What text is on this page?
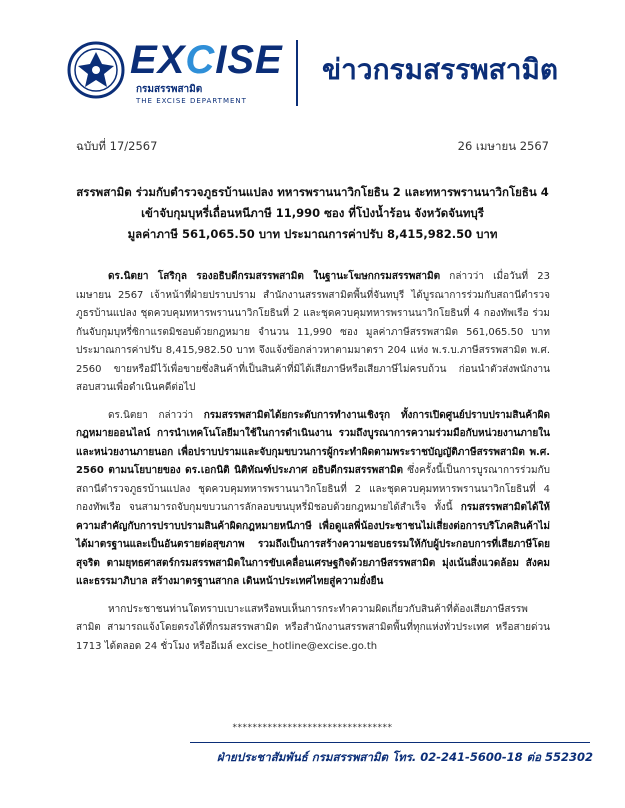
EXCISE
กรมสรรพสามิต
THE EXCISE DEPARTMENT
ข่าวกรมสรรพสามิต
ฉบับที่ 17/2567	26 เมษายน 2567
สรรพสามิต ร่วมกับตำรวจภูธรบ้านแปลง ทหารพรานนาวิกโยธิน 2 และทหารพรานนาวิกโยธิน 4
เข้าจับกุมบุหรี่เถื่อนหนีภาษี 11,990 ซอง ที่โป่งน้ำร้อน จังหวัดจันทบุรี
มูลค่าภาษี 561,065.50 บาท ประมาณการค่าปรับ 8,415,982.50 บาท

ดร.นิตยา โสริกุล รองอธิบดีกรมสรรพสามิต ในฐานะโฆษกกรมสรรพสามิต กล่าวว่า เมื่อวันที่ 23 เมษายน 2567 เจ้าหน้าที่ฝ่ายปราบปราม สำนักงานสรรพสามิตพื้นที่จันทบุรี ได้บูรณาการร่วมกับสถานีตำรวจภูธรบ้านแปลง ชุดควบคุมทหารพรานนาวิกโยธินที่ 2 และชุดควบคุมทหารพรานนาวิกโยธินที่ 4 กองทัพเรือ ร่วมกันจับกุมบุหรี่ซิกาแรตมิชอบด้วยกฎหมาย จำนวน 11,990 ซอง มูลค่าภาษีสรรพสามิต 561,065.50 บาท ประมาณการค่าปรับ 8,415,982.50 บาท จึงแจ้งข้อกล่าวหาตามมาตรา 204 แห่ง พ.ร.บ.ภาษีสรรพสามิต พ.ศ. 2560 ขายหรือมีไว้เพื่อขายซึ่งสินค้าที่เป็นสินค้าที่มิได้เสียภาษีหรือเสียภาษีไม่ครบถ้วน ก่อนนำตัวส่งพนักงานสอบสวนเพื่อดำเนินคดีต่อไป

ดร.นิตยา กล่าวว่า กรมสรรพสามิตได้ยกระดับการทำงานเชิงรุก ทั้งการเปิดศูนย์ปราบปรามสินค้าผิดกฎหมายออนไลน์ การนำเทคโนโลยีมาใช้ในการดำเนินงาน รวมถึงบูรณาการความร่วมมือกับหน่วยงานภายในและหน่วยงานภายนอก เพื่อปราบปรามและจับกุมขบวนการผู้กระทำผิดตามพระราชบัญญัติภาษีสรรพสามิต พ.ศ. 2560 ตามนโยบายของ ดร.เอกนิติ นิติทัณฑ์ประภาศ อธิบดีกรมสรรพสามิต ซึ่งครั้งนี้เป็นการบูรณาการร่วมกับสถานีตำรวจภูธรบ้านแปลง ชุดควบคุมทหารพรานนาวิกโยธินที่ 2 และชุดควบคุมทหารพรานนาวิกโยธินที่ 4 กองทัพเรือ จนสามารถจับกุมขบวนการลักลอบขนบุหรี่มิชอบด้วยกฎหมายได้สำเร็จ ทั้งนี้ กรมสรรพสามิตได้ให้ความสำคัญกับการปราบปรามสินค้าผิดกฎหมายหนีภาษี เพื่อดูแลพี่น้องประชาชนไม่เสี่ยงต่อการบริโภคสินค้าไม่ได้มาตรฐานและเป็นอันตรายต่อสุขภาพ รวมถึงเป็นการสร้างความชอบธรรมให้กับผู้ประกอบการที่เสียภาษีโดยสุจริต ตามยุทธศาสตร์กรมสรรพสามิตในการขับเคลื่อนเศรษฐกิจด้วยภาษีสรรพสามิต มุ่งเน้นสิ่งแวดล้อม สังคม และธรรมาภิบาล สร้างมาตรฐานสากล เดินหน้าประเทศไทยสู่ความยั่งยืน

หากประชาชนท่านใดทราบเบาะแสหรือพบเห็นการกระทำความผิดเกี่ยวกับสินค้าที่ต้องเสียภาษีสรรพสามิต สามารถแจ้งโดยตรงได้ที่กรมสรรพสามิต หรือสำนักงานสรรพสามิตพื้นที่ทุกแห่งทั่วประเทศ หรือสายด่วน 1713 ได้ตลอด 24 ชั่วโมง หรืออีเมล์ excise_hotline@excise.go.th

********************************
ฝ่ายประชาสัมพันธ์ กรมสรรพสามิต โทร. 02-241-5600-18 ต่อ 552302
